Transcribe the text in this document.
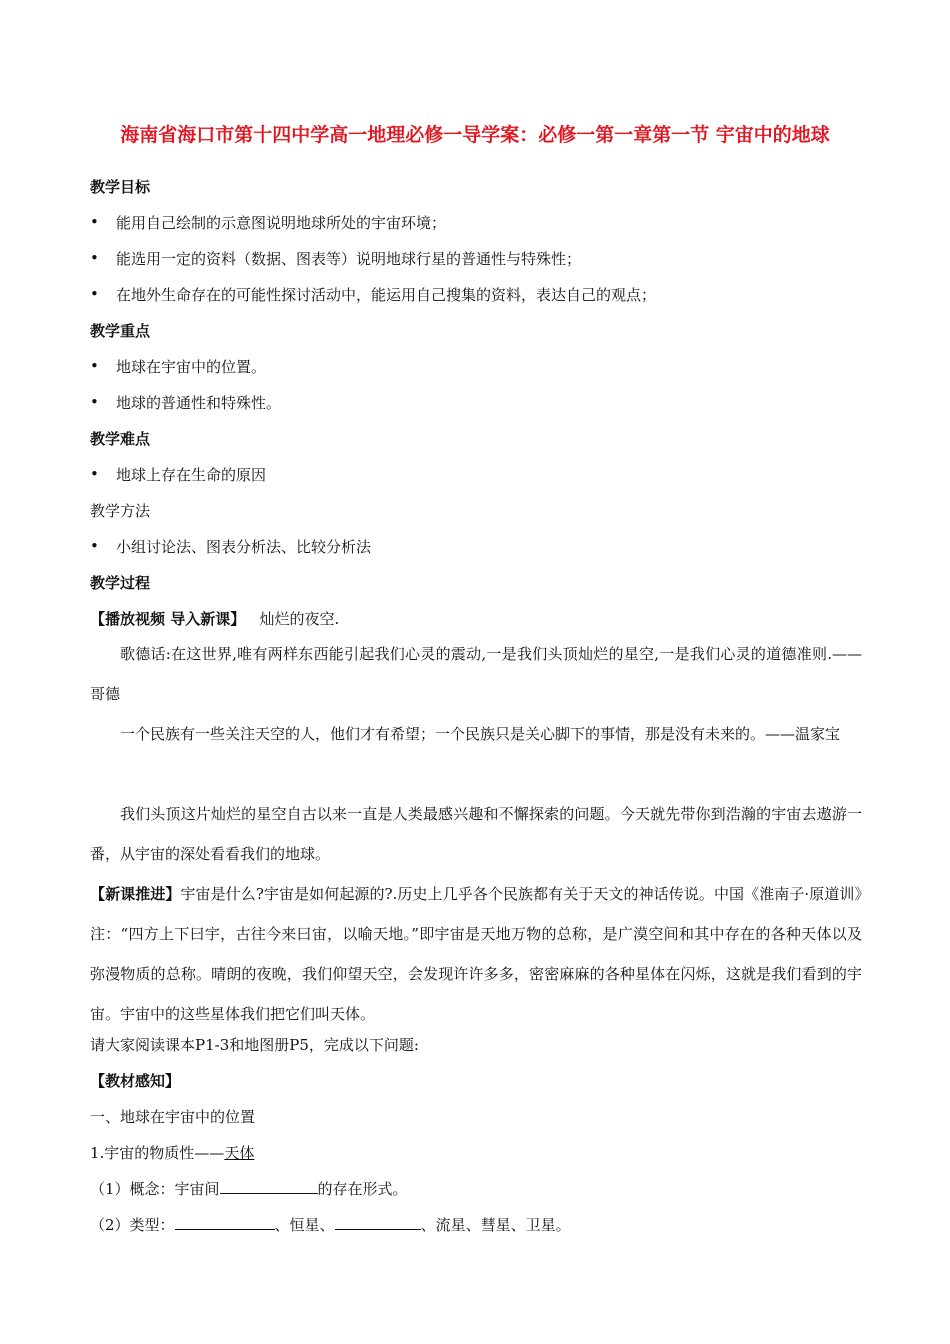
海南省海口市第十四中学高一地理必修一导学案：必修一第一章第一节 宇宙中的地球
教学目标
• 能用自己绘制的示意图说明地球所处的宇宙环境；
• 能选用一定的资料（数据、图表等）说明地球行星的普通性与特殊性；
• 在地外生命存在的可能性探讨活动中，能运用自己搜集的资料，表达自己的观点；
教学重点
• 地球在宇宙中的位置。
• 地球的普通性和特殊性。
教学难点
• 地球上存在生命的原因
教学方法
• 小组讨论法、图表分析法、比较分析法
教学过程
【播放视频 导入新课】 灿烂的夜空.
歌德话:在这世界,唯有两样东西能引起我们心灵的震动,一是我们头顶灿烂的星空,一是我们心灵的道德准则.——哥德
一个民族有一些关注天空的人，他们才有希望；一个民族只是关心脚下的事情，那是没有未来的。——温家宝
我们头顶这片灿烂的星空自古以来一直是人类最感兴趣和不懈探索的问题。今天就先带你到浩瀚的宇宙去遨游一番，从宇宙的深处看看我们的地球。
【新课推进】宇宙是什么?宇宙是如何起源的?.历史上几乎各个民族都有关于天文的神话传说。中国《淮南子·原道训》注：“四方上下曰宇，古往今来曰宙，以喻天地。”即宇宙是天地万物的总称，是广漠空间和其中存在的各种天体以及弥漫物质的总称。晴朗的夜晚，我们仰望天空，会发现许许多多，密密麻麻的各种星体在闪烁，这就是我们看到的宇宙。宇宙中的这些星体我们把它们叫天体。
请大家阅读课本P1-3和地图册P5，完成以下问题:
【教材感知】
一、地球在宇宙中的位置
1.宇宙的物质性——天体
（1）概念：宇宙间	的存在形式。
（2）类型：	、恒星、	、流星、彗星、卫星。
